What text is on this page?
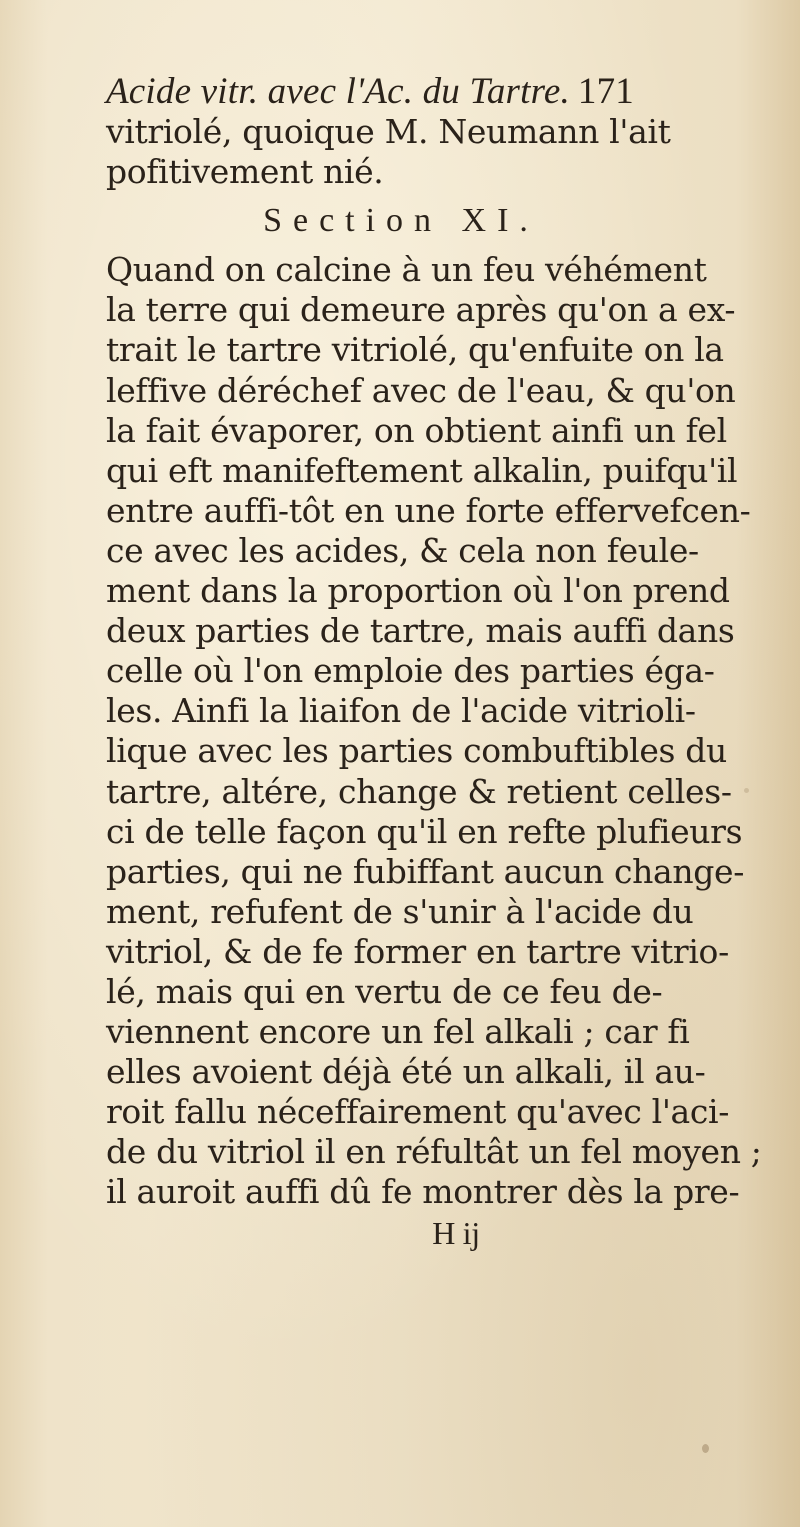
Acide vitr. avec l'Ac. du Tartre. 171
vitriolé, quoique M. Neumann l'ait
pofitivement nié.
Section XI.
Quand on calcine à un feu véhément
la terre qui demeure après qu'on a ex-
trait le tartre vitriolé, qu'enfuite on la
leffive déréchef avec de l'eau, & qu'on
la fait évaporer, on obtient ainfi un fel
qui eft manifeftement alkalin, puifqu'il
entre auffi-tôt en une forte effervefcen-
ce avec les acides, & cela non feule-
ment dans la proportion où l'on prend
deux parties de tartre, mais auffi dans
celle où l'on emploie des parties éga-
les. Ainfi la liaifon de l'acide vitrioli-
lique avec les parties combuftibles du
tartre, altére, change & retient celles-
ci de telle façon qu'il en refte plufieurs
parties, qui ne fubiffant aucun change-
ment, refufent de s'unir à l'acide du
vitriol, & de fe former en tartre vitrio-
lé, mais qui en vertu de ce feu de-
viennent encore un fel alkali ; car fi
elles avoient déjà été un alkali, il au-
roit fallu néceffairement qu'avec l'aci-
de du vitriol il en réfultât un fel moyen ;
il auroit auffi dû fe montrer dès la pre-
H ij
